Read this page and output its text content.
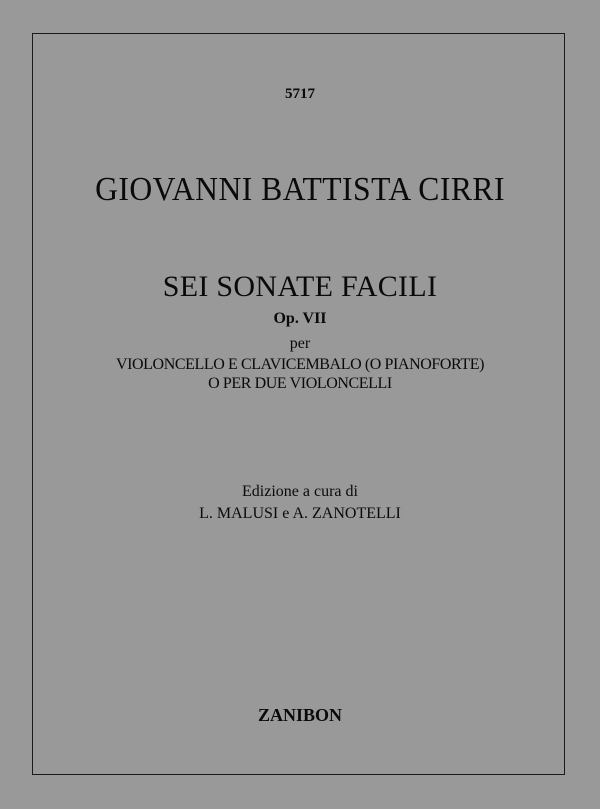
5717
GIOVANNI BATTISTA CIRRI
SEI SONATE FACILI
Op. VII
per
VIOLONCELLO E CLAVICEMBALO (O PIANOFORTE)
O PER DUE VIOLONCELLI
Edizione a cura di
L. MALUSI e A. ZANOTELLI
ZANIBON
